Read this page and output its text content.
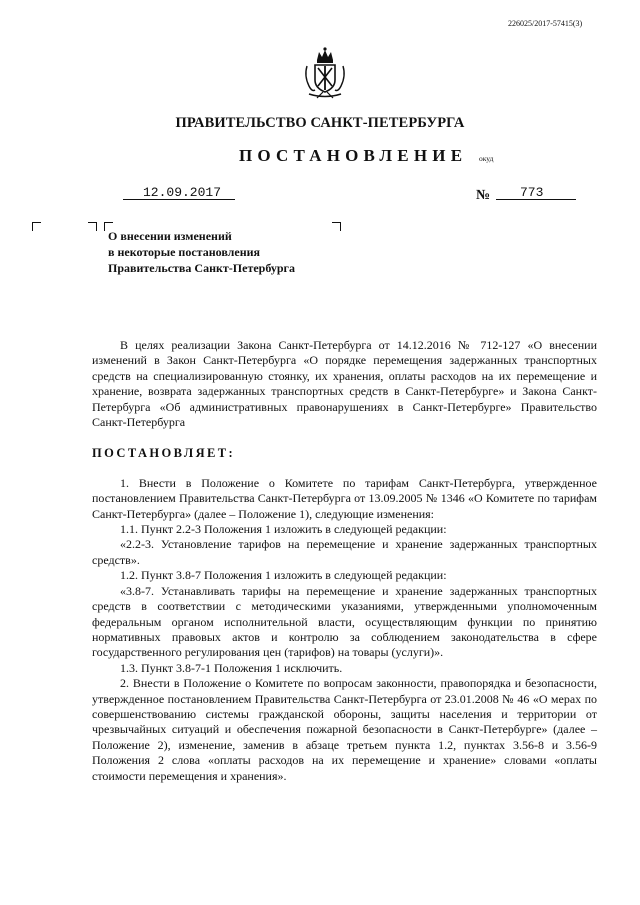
226025/2017-57415(3)
ПРАВИТЕЛЬСТВО САНКТ-ПЕТЕРБУРГА
ПОСТАНОВЛЕНИЕ окуд
12.09.2017	№ 773
О внесении изменений
в некоторые постановления
Правительства Санкт-Петербурга

В целях реализации Закона Санкт-Петербурга от 14.12.2016 № 712-127 «О внесении изменений в Закон Санкт-Петербурга «О порядке перемещения задержанных транспортных средств на специализированную стоянку, их хранения, оплаты расходов на их перемещение и хранение, возврата задержанных транспортных средств в Санкт-Петербурге» и Закона Санкт-Петербурга «Об административных правонарушениях в Санкт-Петербурге» Правительство Санкт-Петербурга

ПОСТАНОВЛЯЕТ:

1. Внести в Положение о Комитете по тарифам Санкт-Петербурга, утвержденное постановлением Правительства Санкт-Петербурга от 13.09.2005 № 1346 «О Комитете по тарифам Санкт-Петербурга» (далее – Положение 1), следующие изменения:

1.1. Пункт 2.2-3 Положения 1 изложить в следующей редакции:

«2.2-3. Установление тарифов на перемещение и хранение задержанных транспортных средств».

1.2. Пункт 3.8-7 Положения 1 изложить в следующей редакции:

«3.8-7. Устанавливать тарифы на перемещение и хранение задержанных транспортных средств в соответствии с методическими указаниями, утвержденными уполномоченным федеральным органом исполнительной власти, осуществляющим функции по принятию нормативных правовых актов и контролю за соблюдением законодательства в сфере государственного регулирования цен (тарифов) на товары (услуги)».

1.3. Пункт 3.8-7-1 Положения 1 исключить.

2. Внести в Положение о Комитете по вопросам законности, правопорядка и безопасности, утвержденное постановлением Правительства Санкт-Петербурга от 23.01.2008 № 46 «О мерах по совершенствованию системы гражданской обороны, защиты населения и территории от чрезвычайных ситуаций и обеспечения пожарной безопасности в Санкт-Петербурге» (далее – Положение 2), изменение, заменив в абзаце третьем пункта 1.2, пунктах 3.56-8 и 3.56-9 Положения 2 слова «оплаты расходов на их перемещение и хранение» словами «оплаты стоимости перемещения и хранения».
